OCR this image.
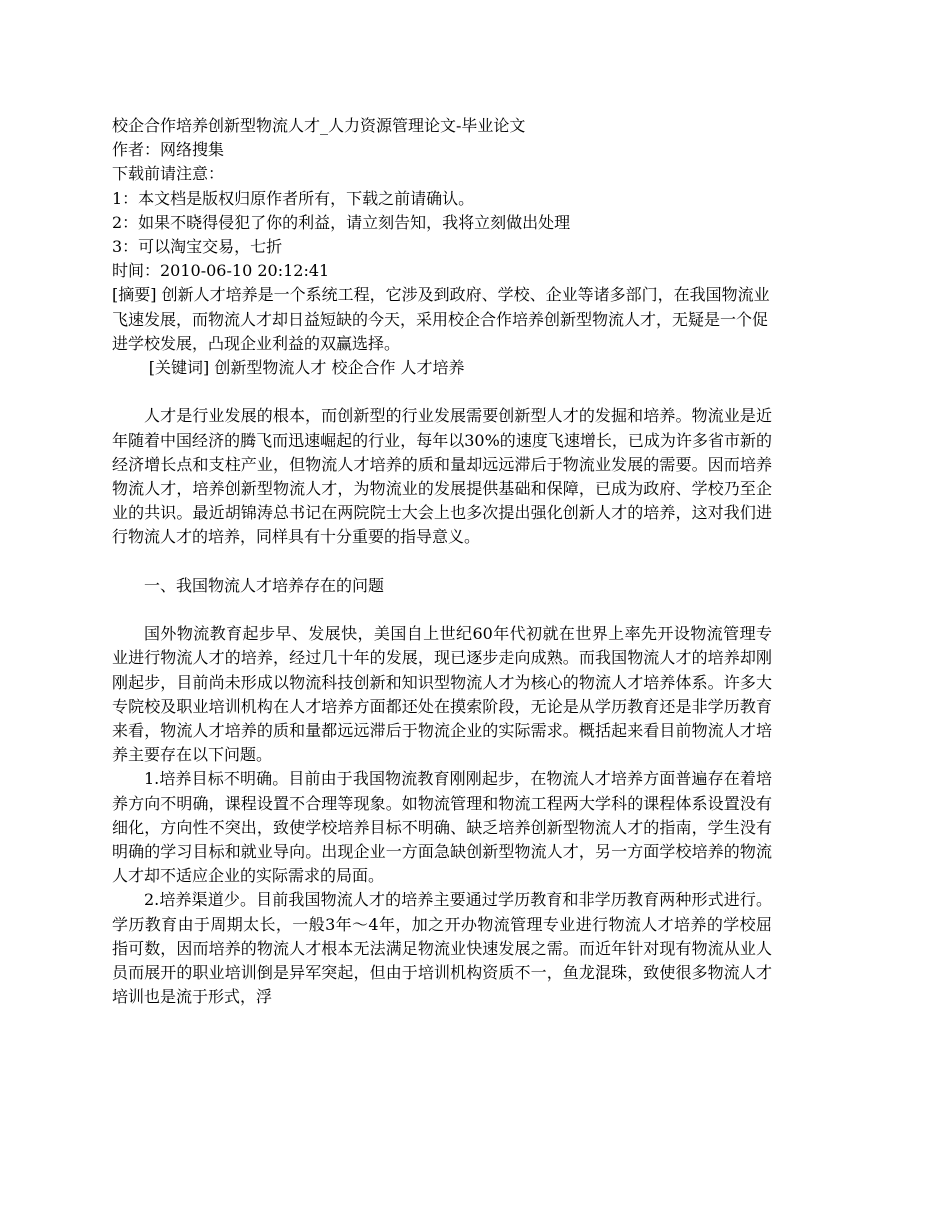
校企合作培养创新型物流人才_人力资源管理论文-毕业论文

作者：网络搜集

下载前请注意：

1：本文档是版权归原作者所有，下载之前请确认。

2：如果不晓得侵犯了你的利益，请立刻告知，我将立刻做出处理

3：可以淘宝交易，七折

时间：2010-06-10 20:12:41

[摘要] 创新人才培养是一个系统工程，它涉及到政府、学校、企业等诸多部门，在我国物流业飞速发展，而物流人才却日益短缺的今天，采用校企合作培养创新型物流人才，无疑是一个促进学校发展，凸现企业利益的双赢选择。

[关键词] 创新型物流人才 校企合作 人才培养

人才是行业发展的根本，而创新型的行业发展需要创新型人才的发掘和培养。物流业是近年随着中国经济的腾飞而迅速崛起的行业，每年以30%的速度飞速增长，已成为许多省市新的经济增长点和支柱产业，但物流人才培养的质和量却远远滞后于物流业发展的需要。因而培养物流人才，培养创新型物流人才，为物流业的发展提供基础和保障，已成为政府、学校乃至企业的共识。最近胡锦涛总书记在两院院士大会上也多次提出强化创新人才的培养，这对我们进行物流人才的培养，同样具有十分重要的指导意义。

一、我国物流人才培养存在的问题

国外物流教育起步早、发展快，美国自上世纪60年代初就在世界上率先开设物流管理专业进行物流人才的培养，经过几十年的发展，现已逐步走向成熟。而我国物流人才的培养却刚刚起步，目前尚未形成以物流科技创新和知识型物流人才为核心的物流人才培养体系。许多大专院校及职业培训机构在人才培养方面都还处在摸索阶段，无论是从学历教育还是非学历教育来看，物流人才培养的质和量都远远滞后于物流企业的实际需求。概括起来看目前物流人才培养主要存在以下问题。

1.培养目标不明确。目前由于我国物流教育刚刚起步，在物流人才培养方面普遍存在着培养方向不明确，课程设置不合理等现象。如物流管理和物流工程两大学科的课程体系设置没有细化，方向性不突出，致使学校培养目标不明确、缺乏培养创新型物流人才的指南，学生没有明确的学习目标和就业导向。出现企业一方面急缺创新型物流人才，另一方面学校培养的物流人才却不适应企业的实际需求的局面。

2.培养渠道少。目前我国物流人才的培养主要通过学历教育和非学历教育两种形式进行。学历教育由于周期太长，一般3年～4年，加之开办物流管理专业进行物流人才培养的学校屈指可数，因而培养的物流人才根本无法满足物流业快速发展之需。而近年针对现有物流从业人员而展开的职业培训倒是异军突起，但由于培训机构资质不一，鱼龙混珠，致使很多物流人才培训也是流于形式，浮
